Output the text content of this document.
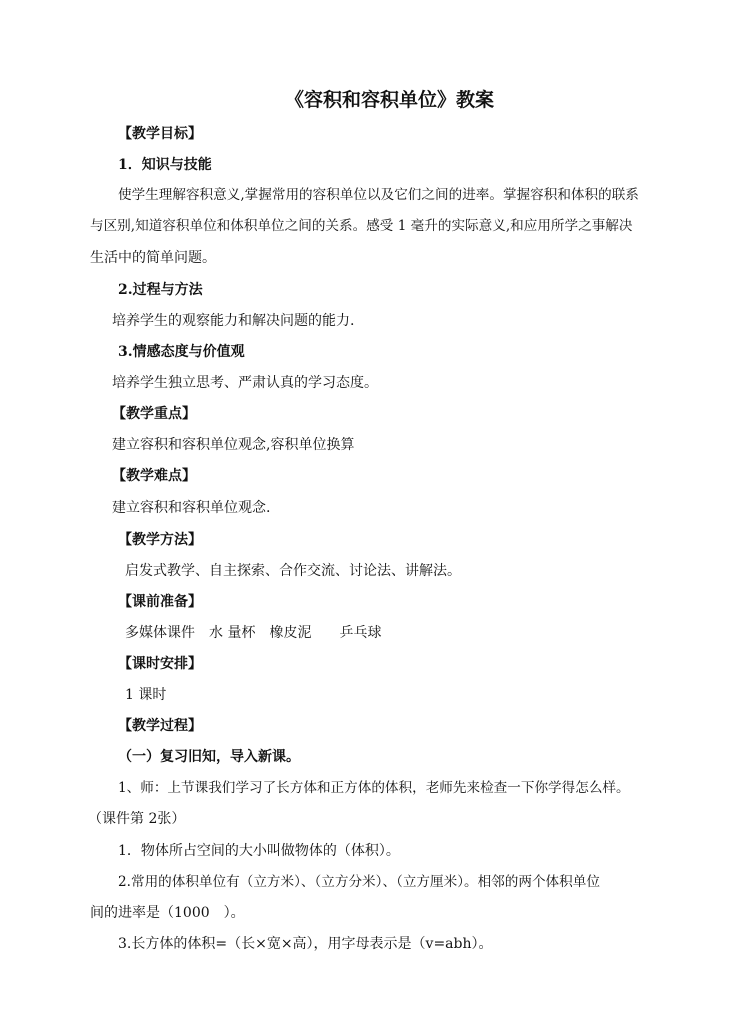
《容积和容积单位》教案
【教学目标】
1．知识与技能
使学生理解容积意义,掌握常用的容积单位以及它们之间的进率。掌握容积和体积的联系
与区别,知道容积单位和体积单位之间的关系。感受 1 毫升的实际意义,和应用所学之事解决
生活中的简单问题。
2.过程与方法
培养学生的观察能力和解决问题的能力.
3.情感态度与价值观
培养学生独立思考、严肃认真的学习态度。
【教学重点】
建立容积和容积单位观念,容积单位换算
【教学难点】
建立容积和容积单位观念.
【教学方法】
启发式教学、自主探索、合作交流、讨论法、讲解法。
【课前准备】
多媒体课件　水 量杯　橡皮泥　　乒乓球
【课时安排】
1 课时
【教学过程】
（一）复习旧知，导入新课。
1、师：上节课我们学习了长方体和正方体的体积，老师先来检查一下你学得怎么样。
（课件第 2张）
1．物体所占空间的大小叫做物体的（体积）。
2.常用的体积单位有（立方米）、（立方分米）、（立方厘米）。相邻的两个体积单位
间的进率是（1000　）。
3.长方体的体积=（长×宽×高），用字母表示是（v=abh）。
